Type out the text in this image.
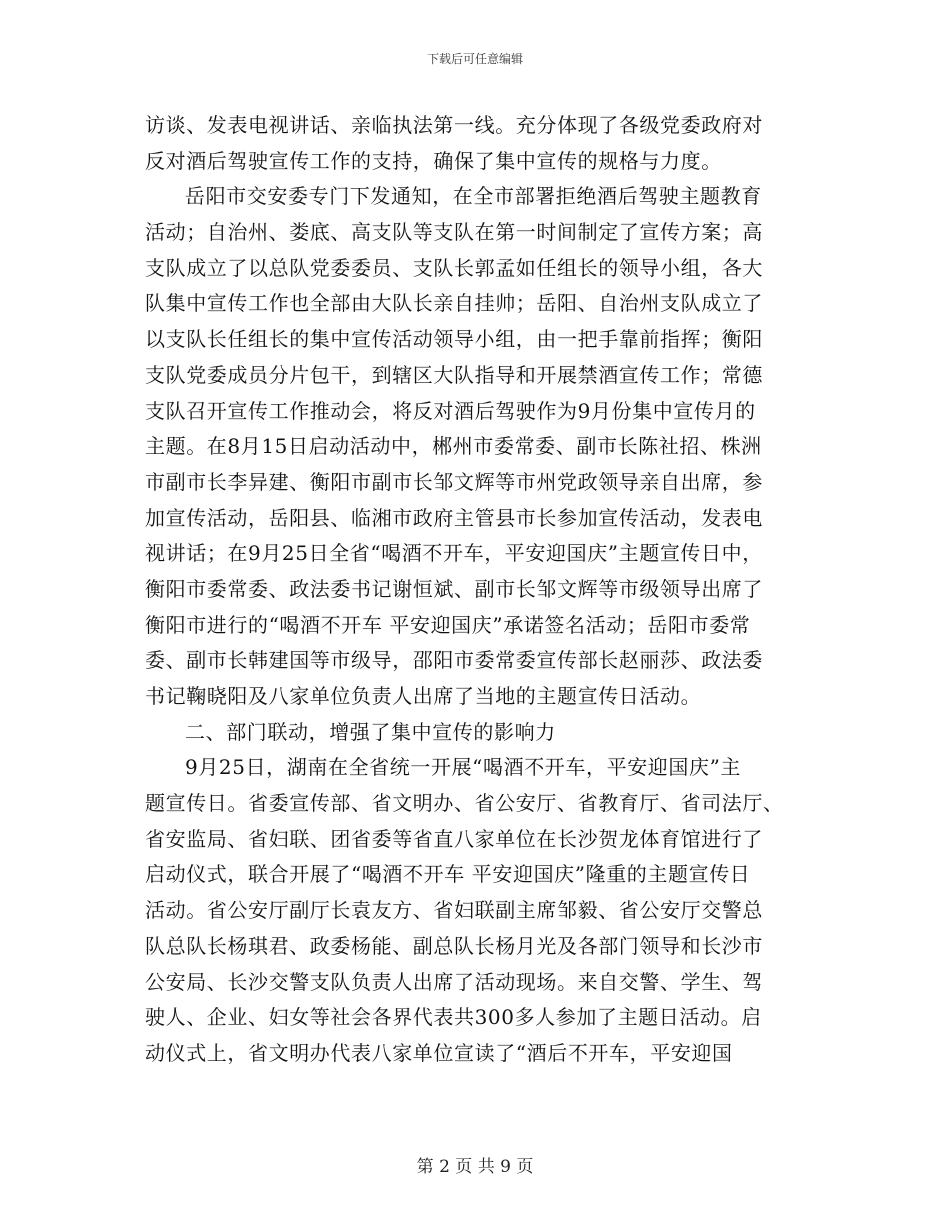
下载后可任意编辑
访谈、发表电视讲话、亲临执法第一线。充分体现了各级党委政府对
反对酒后驾驶宣传工作的支持，确保了集中宣传的规格与力度。
岳阳市交安委专门下发通知，在全市部署拒绝酒后驾驶主题教育
活动；自治州、娄底、高支队等支队在第一时间制定了宣传方案；高
支队成立了以总队党委委员、支队长郭孟如任组长的领导小组，各大
队集中宣传工作也全部由大队长亲自挂帅；岳阳、自治州支队成立了
以支队长任组长的集中宣传活动领导小组，由一把手靠前指挥；衡阳
支队党委成员分片包干，到辖区大队指导和开展禁酒宣传工作；常德
支队召开宣传工作推动会，将反对酒后驾驶作为9月份集中宣传月的
主题。在8月15日启动活动中，郴州市委常委、副市长陈社招、株洲
市副市长李异建、衡阳市副市长邹文辉等市州党政领导亲自出席，参
加宣传活动，岳阳县、临湘市政府主管县市长参加宣传活动，发表电
视讲话；在9月25日全省“喝酒不开车，平安迎国庆”主题宣传日中，
衡阳市委常委、政法委书记谢恒斌、副市长邹文辉等市级领导出席了
衡阳市进行的“喝酒不开车 平安迎国庆”承诺签名活动；岳阳市委常
委、副市长韩建国等市级导，邵阳市委常委宣传部长赵丽莎、政法委
书记鞠晓阳及八家单位负责人出席了当地的主题宣传日活动。
二、部门联动，增强了集中宣传的影响力
9月25日，湖南在全省统一开展“喝酒不开车，平安迎国庆”主
题宣传日。省委宣传部、省文明办、省公安厅、省教育厅、省司法厅、
省安监局、省妇联、团省委等省直八家单位在长沙贺龙体育馆进行了
启动仪式，联合开展了“喝酒不开车 平安迎国庆”隆重的主题宣传日
活动。省公安厅副厅长袁友方、省妇联副主席邹毅、省公安厅交警总
队总队长杨琪君、政委杨能、副总队长杨月光及各部门领导和长沙市
公安局、长沙交警支队负责人出席了活动现场。来自交警、学生、驾
驶人、企业、妇女等社会各界代表共300多人参加了主题日活动。启
动仪式上，省文明办代表八家单位宣读了“酒后不开车，平安迎国
第 2 页 共 9 页
